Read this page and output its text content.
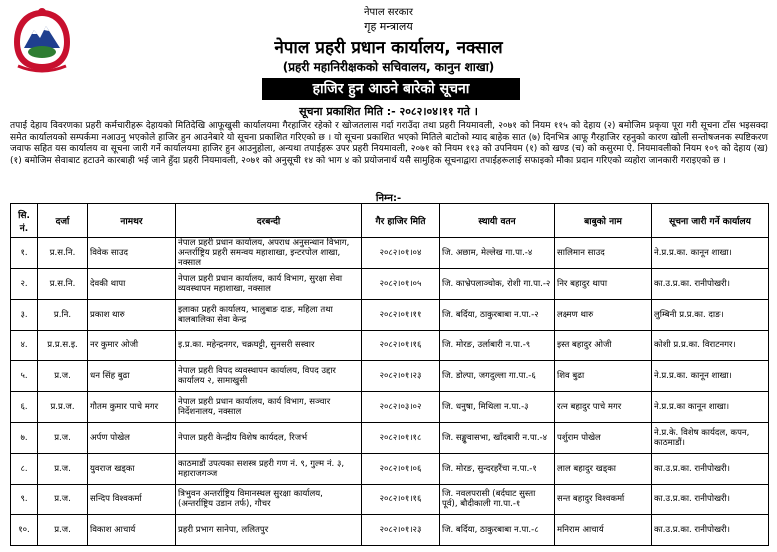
नेपाल सरकार
गृह मन्त्रालय
नेपाल प्रहरी प्रधान कार्यालय, नक्साल
(प्रहरी महानिरीक्षकको सचिवालय, कानुन शाखा)
हाजिर हुन आउने बारेको सूचना
सूचना प्रकाशित मिति :- २०८२।०४।११ गते ।
तपाई देहाय विवरणका प्रहरी कर्मचारीहरू देहायको मितिदेखि आफूखुसी कार्यालयमा गैरहाजिर रहेको र खोजतलास गर्दा गराउँदा तथा प्रहरी नियमावली, २०७१ को नियम ११५ को देहाय (२) बमोजिम प्रकृया पूरा गरी सूचना टाँस भइसक्दा समेत कार्यालयको सम्पर्कमा नआउनु भएकोले हाजिर हुन आउनेबारे यो सूचना प्रकाशित गरिएको छ । यो सूचना प्रकाशित भएको मितिले बाटोको म्याद बाहेक सात (७) दिनभित्र आफू गैरहाजिर रहनुको कारण खोली सन्तोषजनक स्पष्टिकरण जवाफ सहित यस कार्यालय वा सूचना जारी गर्ने कार्यालयमा हाजिर हुन आउनुहोला, अन्यथा तपाईहरू उपर प्रहरी नियमावली, २०७१ को नियम ११३ को उपनियम (१) को खण्ड (च) को कसुरमा ऐ. नियमावलीको नियम १०९ को देहाय (ख) (१) बमोजिम सेवाबाट हटाउने कारबाही भई जाने हुँदा प्रहरी नियमावली, २०७१ को अनुसूची १४ को भाग ४ को प्रयोजनार्थ यसै सामुहिक सूचनाद्वारा तपाईहरूलाई सफाइको मौका प्रदान गरिएको व्यहोरा जानकारी गराइएको छ ।
निम्न:-
सि. नं.	दर्जा	नामथर	दरबन्दी	गैर हाजिर मिति	स्थायी वतन	बाबुको नाम	सूचना जारी गर्ने कार्यालय
१.	प्र.स.नि.	विवेक साउद	नेपाल प्रहरी प्रधान कार्यालय, अपराध अनुसन्धान विभाग, अन्तर्राष्ट्रिय प्रहरी समन्वय महाशाखा, इन्टरपोल शाखा, नक्साल	२०८२।०१।०४	जि. अछाम, मेल्लेख गा.पा.-४	सालिमान साउद	ने.प्र.प्र.का. कानून शाखा।
२.	प्र.स.नि.	देवकी थापा	नेपाल प्रहरी प्रधान कार्यालय, कार्य विभाग, सुरक्षा सेवा व्यवस्थापन महाशाखा, नक्साल	२०८२।०१।०५	जि. काभ्रेपलाञ्चोक, रोशी गा.पा.-२	निर बहादुर थापा	का.उ.प्र.का. रानीपोखरी।
३.	प्र.नि.	प्रकाश थारु	इलाका प्रहरी कार्यालय, भालुबाङ दाङ, महिला तथा बालबालिका सेवा केन्द्र	२०८२।०१।११	जि. बर्दिया, ठाकुरबाबा न.पा.-२	लक्ष्मण थारु	लुम्बिनी प्र.प्र.का. दाङ।
४.	प्र.प्र.स.इ.	नर कुमार ओजी	इ.प्र.का. महेन्द्रनगर, चक्रघट्टी, सुनसरी सस्वार	२०८२।०१।१६	जि. मोरङ, उर्लाबारी न.पा.-९	इस्त बहादुर ओजी	कोशी प्र.प्र.का. विराटनगर।
५.	प्र.ज.	धन सिंह बुढा	नेपाल प्रहरी विपद व्यवस्थापन कार्यालय, विपद उद्दार कार्यालय २, सामाखुसी	२०८२।०१।२३	जि. डोल्पा, जगदुल्ला गा.पा.-६	शिव बुढा	ने.प्र.प्र.का. कानून शाखा।
६.	प्र.प्र.ज.	गौतम कुमार पाचे मगर	नेपाल प्रहरी प्रधान कार्यालय, कार्य विभाग, सञ्चार निर्देशनालय, नक्साल	२०८२।०३।०२	जि. धनुषा, मिथिला न.पा.-३	रत्न बहादुर पाचे मगर	ने.प्र.प्र.का कानून शाखा।
७.	प्र.ज.	अर्पण पोखेल	नेपाल प्रहरी केन्द्रीय विशेष कार्यदल, रिजर्भ	२०८२।०१।१८	जि. सङ्खुवासभा, खाँदबारी न.पा.-४	पर्शुराम पोखेल	ने.प्र.के. विशेष कार्यदल, कपन, काठमाडौं।
८.	प्र.ज.	युवराज खड्का	काठमाडौं उपत्यका सशस्त्र प्रहरी गण नं. ९, गुल्म नं. ३, महाराजगञ्ज	२०८२।०१।०६	जि. मोरङ, सुन्दरहरैंचा न.पा.-१	लाल बहादुर खड्का	का.उ.प्र.का. रानीपोखरी।
९.	प्र.ज.	सन्दिप विश्वकर्मा	त्रिभुवन अन्तर्राष्ट्रिय विमानस्थल सुरक्षा कार्यालय, (अन्तर्राष्ट्रिय उडान तर्फ), गौचर	२०८२।०१।१६	जि. नवलपरासी (बर्दघाट सुस्ता पूर्व), बौदीकाली गा.पा.-१	सन्त बहादुर विश्वकर्मा	का.उ.प्र.का. रानीपोखरी।
१०.	प्र.ज.	विकाश आचार्य	प्रहरी प्रभाग सानेपा, ललितपुर	२०८२।०१।२३	जि. बर्दिया, ठाकुरबाबा न.पा.-८	मनिराम आचार्य	का.उ.प्र.का. रानीपोखरी।
